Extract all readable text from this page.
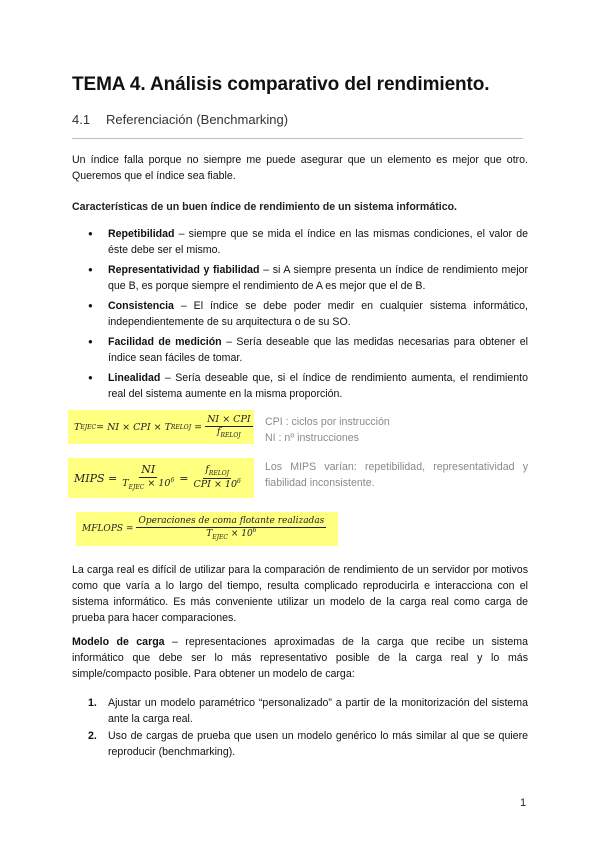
TEMA 4. Análisis comparativo del rendimiento.
4.1 Referenciación (Benchmarking)

Un índice falla porque no siempre me puede asegurar que un elemento es mejor que otro. Queremos que el índice sea fiable.

Características de un buen índice de rendimiento de un sistema informático.

● Repetibilidad – siempre que se mida el índice en las mismas condiciones, el valor de éste debe ser el mismo.
● Representatividad y fiabilidad – si A siempre presenta un índice de rendimiento mejor que B, es porque siempre el rendimiento de A es mejor que el de B.
● Consistencia – El índice se debe poder medir en cualquier sistema informático, independientemente de su arquitectura o de su SO.
● Facilidad de medición – Sería deseable que las medidas necesarias para obtener el índice sean fáciles de tomar.
● Linealidad – Sería deseable que, si el índice de rendimiento aumenta, el rendimiento real del sistema aumente en la misma proporción.
T EJEC = NI × CPI × T RELOJ = $\frac{\text{NI × CPI}}{f_{RELOJ}}$ CPI : ciclos por instrucción
NI : nº instrucciones
MIPS = $\frac{NI}{T_{EJEC} \times 10^6} = \frac{f_{RELOJ}}{CPI \times 10^6}$ Los MIPS varían: repetibilidad, representatividad y fiabilidad inconsistente.
MFLOPS = $\frac{\text{Operaciones de coma flotante realizadas}}{T_{EJEC} \times 10^6}$

La carga real es difícil de utilizar para la comparación de rendimiento de un servidor por motivos como que varía a lo largo del tiempo, resulta complicado reproducirla e interacciona con el sistema informático. Es más conveniente utilizar un modelo de la carga real como carga de prueba para hacer comparaciones.

Modelo de carga – representaciones aproximadas de la carga que recibe un sistema informático que debe ser lo más representativo posible de la carga real y lo más simple/compacto posible. Para obtener un modelo de carga:

1. Ajustar un modelo paramétrico “personalizado” a partir de la monitorización del sistema ante la carga real.
2. Uso de cargas de prueba que usen un modelo genérico lo más similar al que se quiere reproducir (benchmarking).
1
